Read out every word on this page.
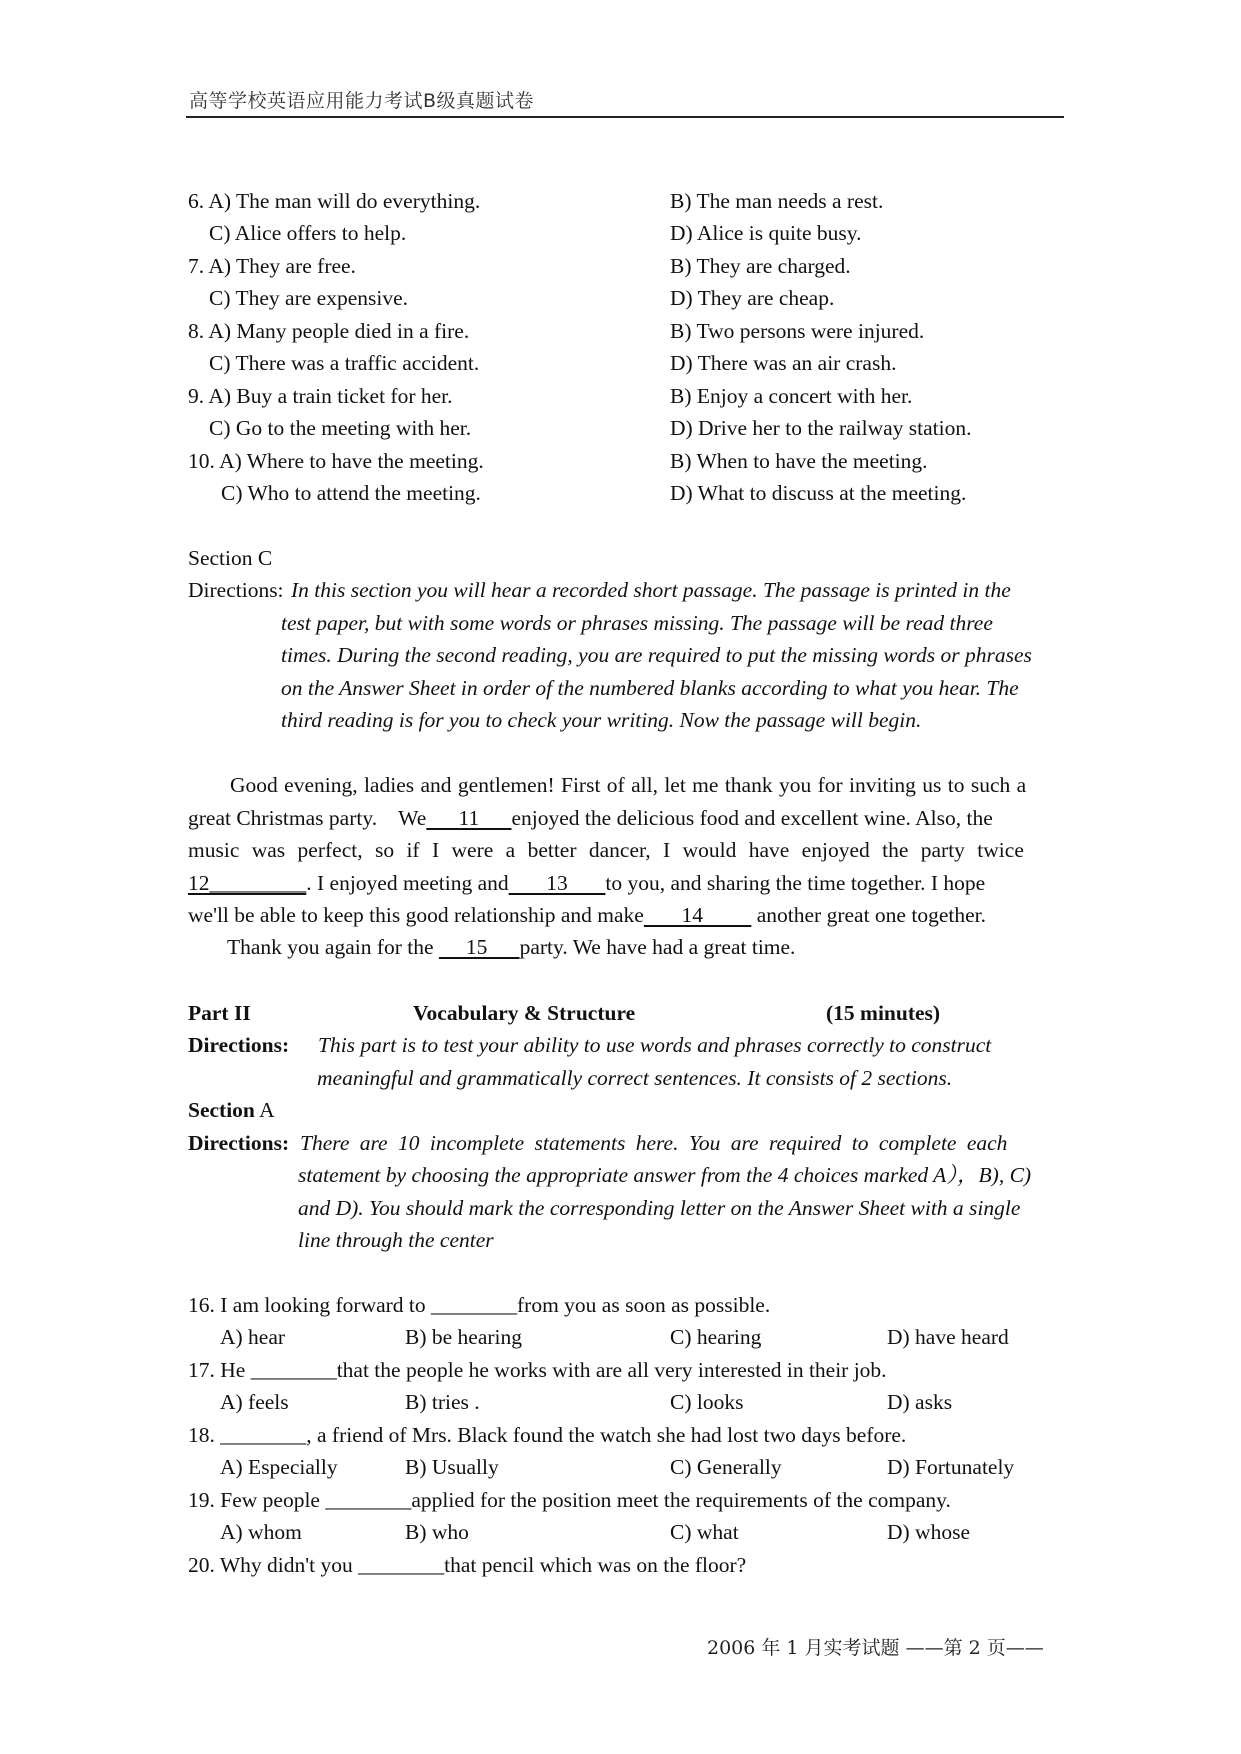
高等学校英语应用能力考试B级真题试卷
6. A) The man will do everything.	B) The man needs a rest.
C) Alice offers to help.	D) Alice is quite busy.
7. A) They are free.	B) They are charged.
C) They are expensive.	D) They are cheap.
8. A) Many people died in a fire.	B) Two persons were injured.
C) There was a traffic accident.	D) There was an air crash.
9. A) Buy a train ticket for her.	B) Enjoy a concert with her.
C) Go to the meeting with her.	D) Drive her to the railway station.
10. A) Where to have the meeting.	B) When to have the meeting.
C) Who to attend the meeting.	D) What to discuss at the meeting.
Section C
Directions: In this section you will hear a recorded short passage. The passage is printed in the
test paper, but with some words or phrases missing. The passage will be read three
times. During the second reading, you are required to put the missing words or phrases
on the Answer Sheet in order of the numbered blanks according to what you hear. The
third reading is for you to check your writing. Now the passage will begin.
Good evening, ladies and gentlemen! First of all, let me thank you for inviting us to such a
great Christmas party.    We      11      enjoyed the delicious food and excellent wine. Also, the
music was perfect, so if I were a better dancer, I would have enjoyed the party twice
12_________. I enjoyed meeting and       13       to you, and sharing the time together. I hope
we'll be able to keep this good relationship and make       14          another great one together.
Thank you again for the      15      party. We have had a great time.
Part II	Vocabulary & Structure	(15 minutes)
Directions: This part is to test your ability to use words and phrases correctly to construct
meaningful and grammatically correct sentences. It consists of 2 sections.
Section A
Directions: There are 10 incomplete statements here. You are required to complete each
statement by choosing the appropriate answer from the 4 choices marked A），B), C)
and D). You should mark the corresponding letter on the Answer Sheet with a single
line through the center
16. I am looking forward to ________from you as soon as possible.
A) hear	B) be hearing	C) hearing	D) have heard
17. He ________that the people he works with are all very interested in their job.
A) feels	B) tries .	C) looks	D) asks
18. ________, a friend of Mrs. Black found the watch she had lost two days before.
A) Especially	B) Usually	C) Generally	D) Fortunately
19. Few people ________applied for the position meet the requirements of the company.
A) whom	B) who	C) what	D) whose
20. Why didn't you ________that pencil which was on the floor?
2006 年 1 月实考试题 ——第 2 页——
